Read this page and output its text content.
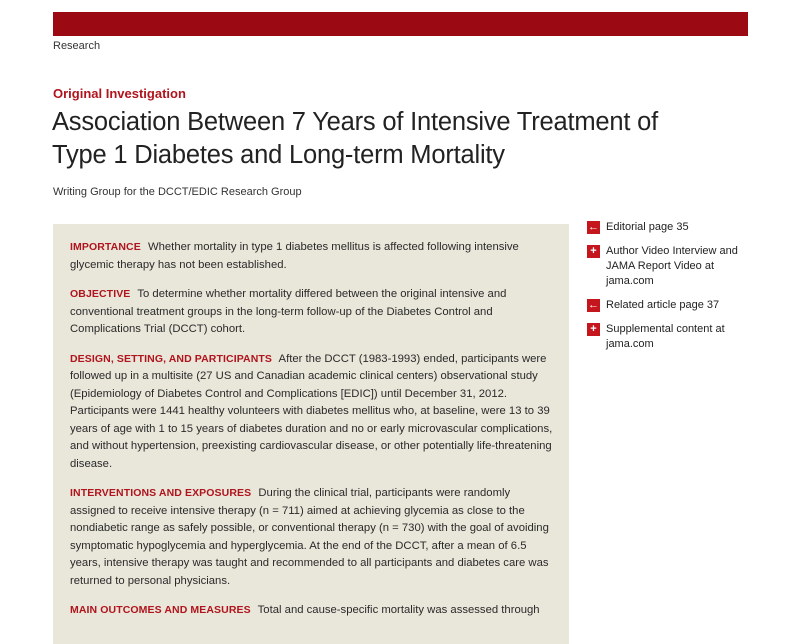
Research
Original Investigation
Association Between 7 Years of Intensive Treatment of Type 1 Diabetes and Long-term Mortality
Writing Group for the DCCT/EDIC Research Group

IMPORTANCE Whether mortality in type 1 diabetes mellitus is affected following intensive glycemic therapy has not been established.

OBJECTIVE To determine whether mortality differed between the original intensive and conventional treatment groups in the long-term follow-up of the Diabetes Control and Complications Trial (DCCT) cohort.

DESIGN, SETTING, AND PARTICIPANTS After the DCCT (1983-1993) ended, participants were followed up in a multisite (27 US and Canadian academic clinical centers) observational study (Epidemiology of Diabetes Control and Complications [EDIC]) until December 31, 2012. Participants were 1441 healthy volunteers with diabetes mellitus who, at baseline, were 13 to 39 years of age with 1 to 15 years of diabetes duration and no or early microvascular complications, and without hypertension, preexisting cardiovascular disease, or other potentially life-threatening disease.

INTERVENTIONS AND EXPOSURES During the clinical trial, participants were randomly assigned to receive intensive therapy (n = 711) aimed at achieving glycemia as close to the nondiabetic range as safely possible, or conventional therapy (n = 730) with the goal of avoiding symptomatic hypoglycemia and hyperglycemia. At the end of the DCCT, after a mean of 6.5 years, intensive therapy was taught and recommended to all participants and diabetes care was returned to personal physicians.

MAIN OUTCOMES AND MEASURES Total and cause-specific mortality was assessed through

← Editorial page 35
+ Author Video Interview and JAMA Report Video at jama.com
← Related article page 37
+ Supplemental content at jama.com
